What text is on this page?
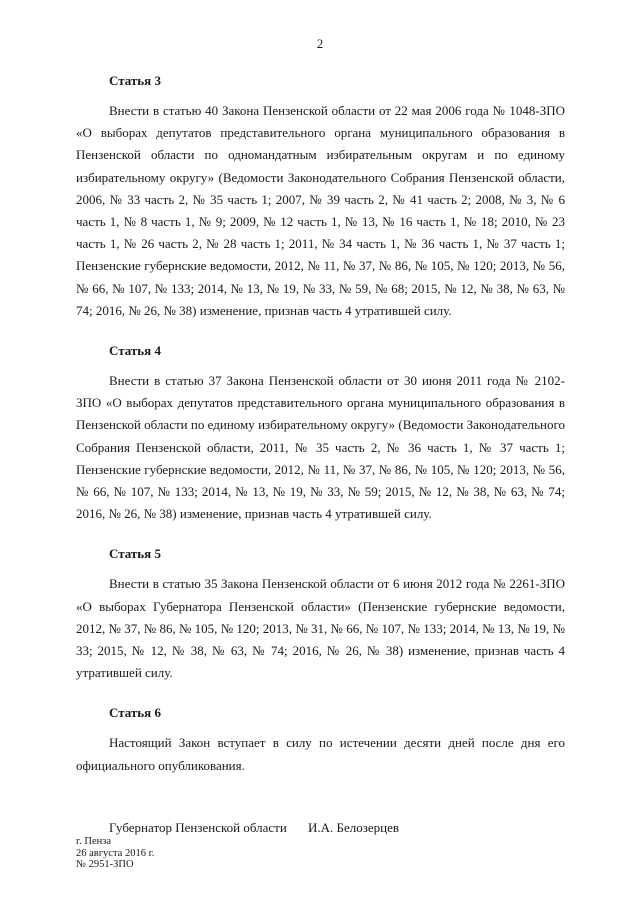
2
Статья 3

Внести в статью 40 Закона Пензенской области от 22 мая 2006 года № 1048-ЗПО «О выборах депутатов представительного органа муниципального образования в Пензенской области по одномандатным избирательным округам и по единому избирательному округу» (Ведомости Законодательного Собрания Пензенской области, 2006, № 33 часть 2, № 35 часть 1; 2007, № 39 часть 2, № 41 часть 2; 2008, № 3, № 6 часть 1, № 8 часть 1, № 9; 2009, № 12 часть 1, № 13, № 16 часть 1, № 18; 2010, № 23 часть 1, № 26 часть 2, № 28 часть 1; 2011, № 34 часть 1, № 36 часть 1, № 37 часть 1; Пензенские губернские ведомости, 2012, № 11, № 37, № 86, № 105, № 120; 2013, № 56, № 66, № 107, № 133; 2014, № 13, № 19, № 33, № 59, № 68; 2015, № 12, № 38, № 63, № 74; 2016, № 26, № 38) изменение, признав часть 4 утратившей силу.

Статья 4

Внести в статью 37 Закона Пензенской области от 30 июня 2011 года № 2102-ЗПО «О выборах депутатов представительного органа муниципального образования в Пензенской области по единому избирательному округу» (Ведомости Законодательного Собрания Пензенской области, 2011, № 35 часть 2, № 36 часть 1, № 37 часть 1; Пензенские губернские ведомости, 2012, № 11, № 37, № 86, № 105, № 120; 2013, № 56, № 66, № 107, № 133; 2014, № 13, № 19, № 33, № 59; 2015, № 12, № 38, № 63, № 74; 2016, № 26, № 38) изменение, признав часть 4 утратившей силу.

Статья 5

Внести в статью 35 Закона Пензенской области от 6 июня 2012 года № 2261-ЗПО «О выборах Губернатора Пензенской области» (Пензенские губернские ведомости, 2012, № 37, № 86, № 105, № 120; 2013, № 31, № 66, № 107, № 133; 2014, № 13, № 19, № 33; 2015, № 12, № 38, № 63, № 74; 2016, № 26, № 38) изменение, признав часть 4 утратившей силу.

Статья 6

Настоящий Закон вступает в силу по истечении десяти дней после дня его официального опубликования.

Губернатор Пензенской области И.А. Белозерцев
г. Пенза
26 августа 2016 г.
№ 2951-ЗПО
